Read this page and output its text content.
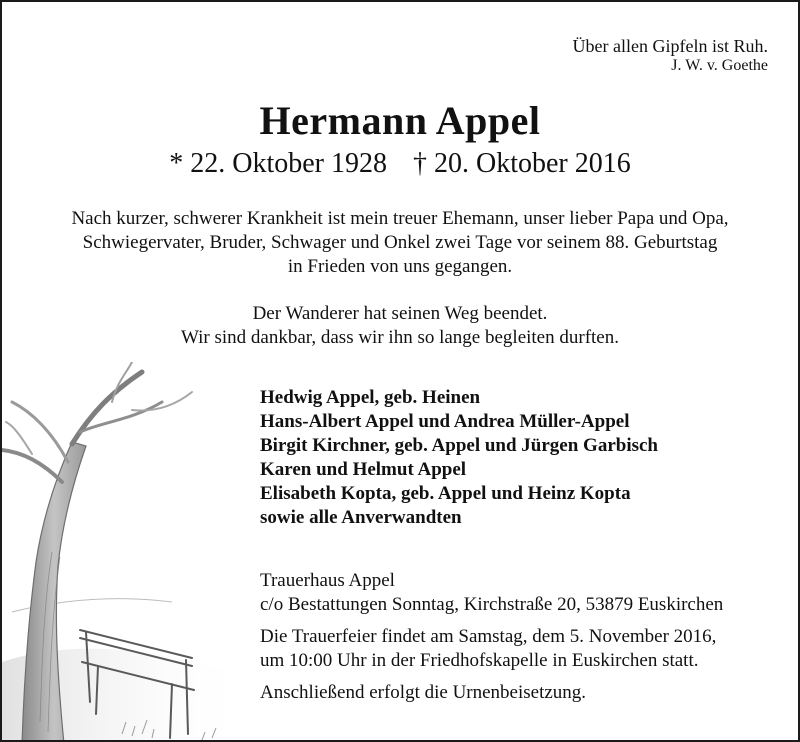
Über allen Gipfeln ist Ruh.
J. W. v. Goethe
Hermann Appel
* 22. Oktober 1928 † 20. Oktober 2016
Nach kurzer, schwerer Krankheit ist mein treuer Ehemann, unser lieber Papa und Opa,
Schwiegervater, Bruder, Schwager und Onkel zwei Tage vor seinem 88. Geburtstag
in Frieden von uns gegangen.
Der Wanderer hat seinen Weg beendet.
Wir sind dankbar, dass wir ihn so lange begleiten durften.
Hedwig Appel, geb. Heinen
Hans-Albert Appel und Andrea Müller-Appel
Birgit Kirchner, geb. Appel und Jürgen Garbisch
Karen und Helmut Appel
Elisabeth Kopta, geb. Appel und Heinz Kopta
sowie alle Anverwandten

Trauerhaus Appel
c/o Bestattungen Sonntag, Kirchstraße 20, 53879 Euskirchen

Die Trauerfeier findet am Samstag, dem 5. November 2016,
um 10:00 Uhr in der Friedhofskapelle in Euskirchen statt.

Anschließend erfolgt die Urnenbeisetzung.
